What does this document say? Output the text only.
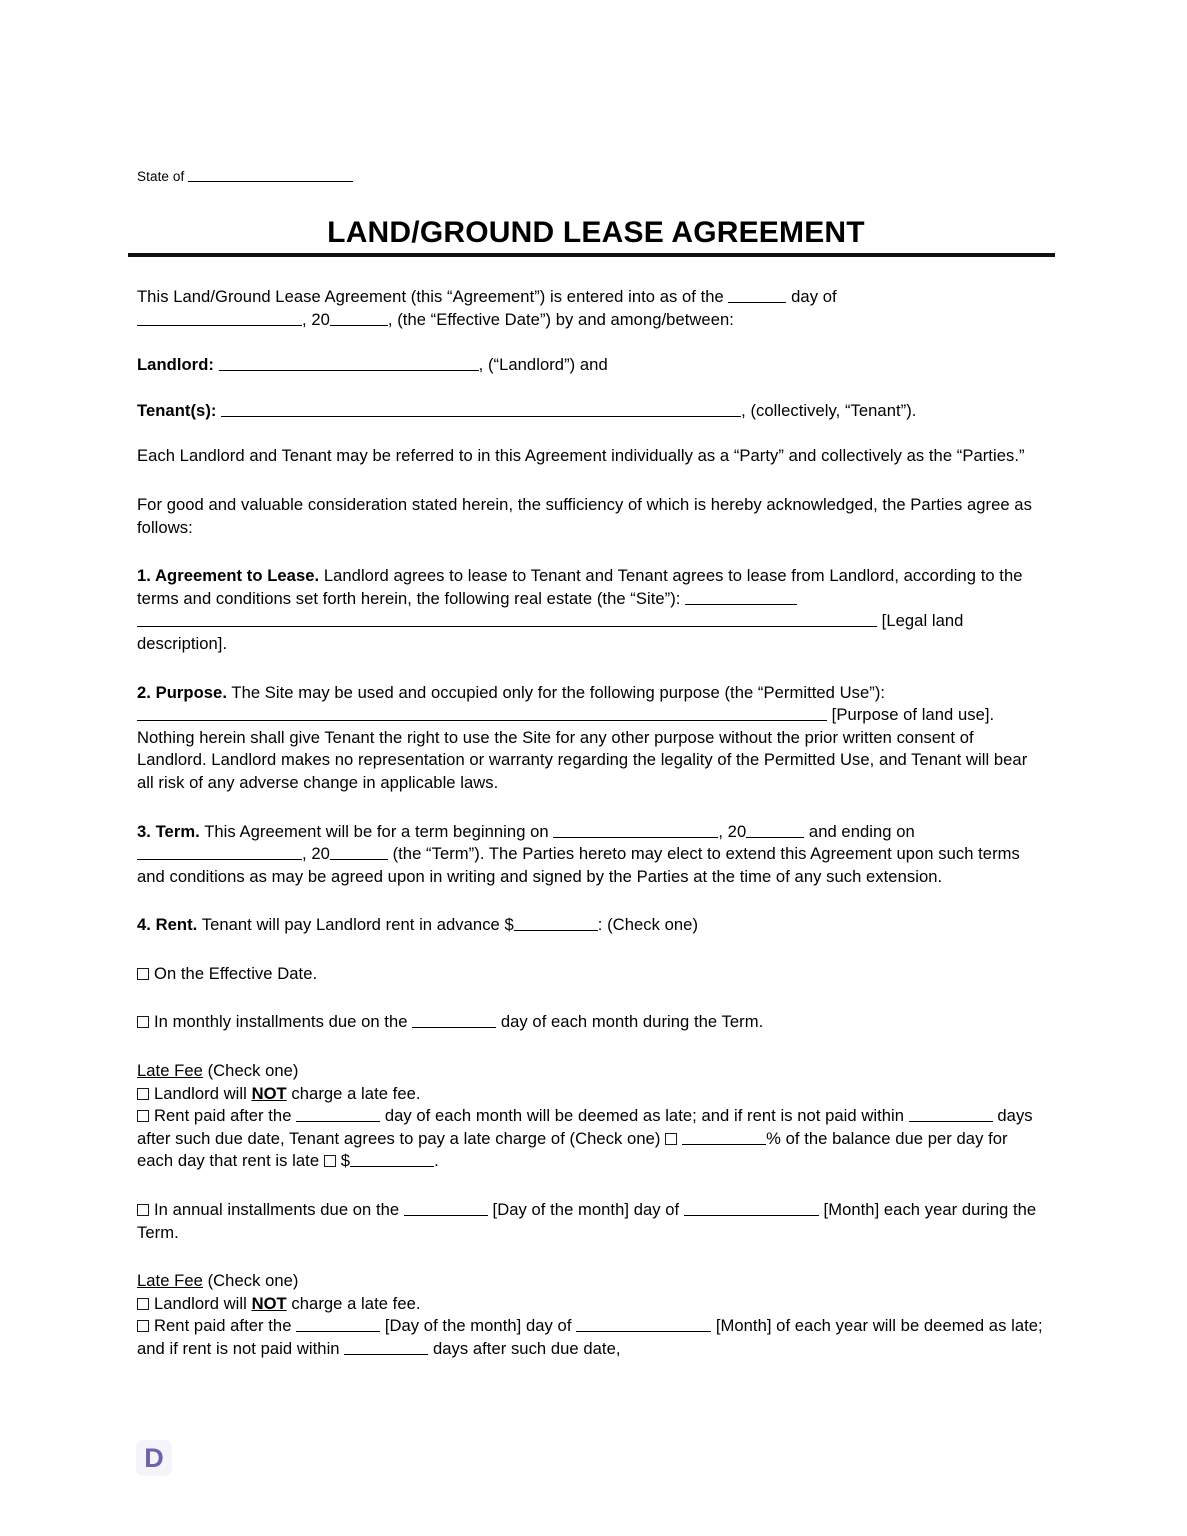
State of
LAND/GROUND LEASE AGREEMENT

This Land/Ground Lease Agreement (this “Agreement”) is entered into as of the	day of
, 20	, (the “Effective Date”) by and among/between:

Landlord:	, (“Landlord”) and

Tenant(s):	, (collectively, “Tenant”).

Each Landlord and Tenant may be referred to in this Agreement individually as a “Party” and collectively as the “Parties.”

For good and valuable consideration stated herein, the sufficiency of which is hereby acknowledged, the Parties agree as follows:

1. Agreement to Lease. Landlord agrees to lease to Tenant and Tenant agrees to lease from Landlord, according to the terms and conditions set forth herein, the following real estate (the “Site”):
[Legal land description].

2. Purpose. The Site may be used and occupied only for the following purpose (the “Permitted Use”):
[Purpose of land use].
Nothing herein shall give Tenant the right to use the Site for any other purpose without the prior written consent of Landlord. Landlord makes no representation or warranty regarding the legality of the Permitted Use, and Tenant will bear all risk of any adverse change in applicable laws.

3. Term. This Agreement will be for a term beginning on	, 20	and ending on
, 20	(the “Term”). The Parties hereto may elect to extend this Agreement upon such terms and conditions as may be agreed upon in writing and signed by the Parties at the time of any such extension.

4. Rent. Tenant will pay Landlord rent in advance $	: (Check one)

On the Effective Date.

In monthly installments due on the	day of each month during the Term.

Late Fee (Check one)
Landlord will NOT charge a late fee.
Rent paid after the	day of each month will be deemed as late; and if rent is not paid within	days after such due date, Tenant agrees to pay a late charge of (Check one)	% of the balance due per day for each day that rent is late $	.

In annual installments due on the	[Day of the month] day of	[Month] each year during the Term.

Late Fee (Check one)
Landlord will NOT charge a late fee.
Rent paid after the	[Day of the month] day of	[Month] of each year will be deemed as late; and if rent is not paid within	days after such due date,

D
